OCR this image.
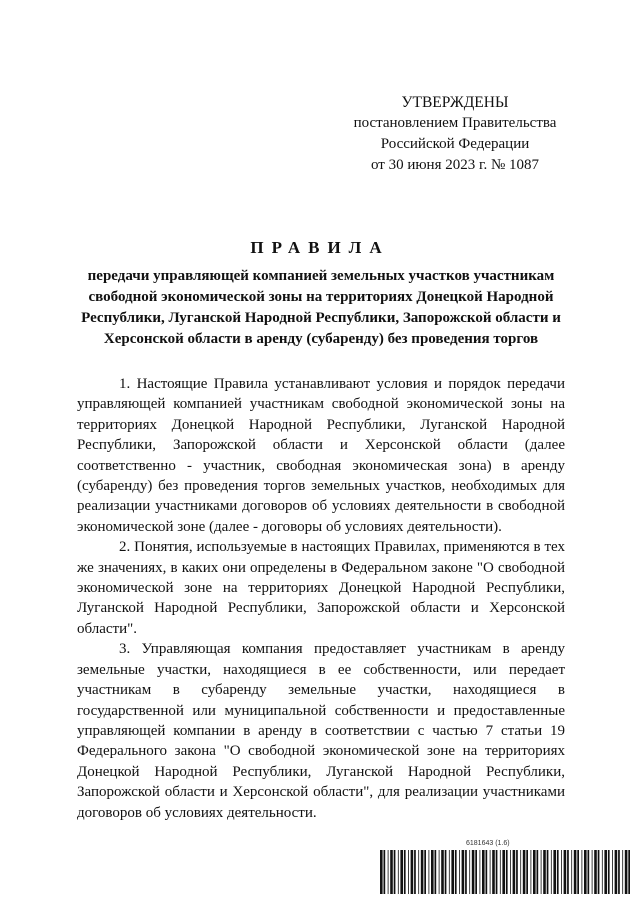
УТВЕРЖДЕНЫ
постановлением Правительства
Российской Федерации
от 30 июня 2023 г. № 1087
ПРАВИЛА
передачи управляющей компанией земельных участков участникам свободной экономической зоны на территориях Донецкой Народной Республики, Луганской Народной Республики, Запорожской области и Херсонской области в аренду (субаренду) без проведения торгов

1. Настоящие Правила устанавливают условия и порядок передачи управляющей компанией участникам свободной экономической зоны на территориях Донецкой Народной Республики, Луганской Народной Республики, Запорожской области и Херсонской области (далее соответственно - участник, свободная экономическая зона) в аренду (субаренду) без проведения торгов земельных участков, необходимых для реализации участниками договоров об условиях деятельности в свободной экономической зоне (далее - договоры об условиях деятельности).

2. Понятия, используемые в настоящих Правилах, применяются в тех же значениях, в каких они определены в Федеральном законе "О свободной экономической зоне на территориях Донецкой Народной Республики, Луганской Народной Республики, Запорожской области и Херсонской области".

3. Управляющая компания предоставляет участникам в аренду земельные участки, находящиеся в ее собственности, или передает участникам в субаренду земельные участки, находящиеся в государственной или муниципальной собственности и предоставленные управляющей компании в аренду в соответствии с частью 7 статьи 19 Федерального закона "О свободной экономической зоне на территориях Донецкой Народной Республики, Луганской Народной Республики, Запорожской области и Херсонской области", для реализации участниками договоров об условиях деятельности.

6181643 (1.6)
